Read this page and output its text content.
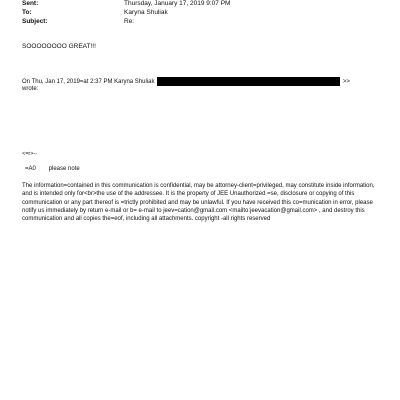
Sent:	Thursday, January 17, 2019 9:07 PM
To:	Karyna Shuliak
Subject:	Re:
SOOOOOOOO GREAT!!!
On Thu, Jan 17, 2019=at 2:37 PM Karyna Shuliak	>>
wrote:
<=r>--
=A0 please note

The information=contained in this communication is confidential, may be attorney-client=privileged, may constitute inside information, and is intended only for<br>the use of the addressee. It is the property of JEE Unauthorized =se, disclosure or copying of this communication or any part thereof is =trictly prohibited and may be unlawful. If you have received this co=munication in error, please notify us immediately by return e-mail or b= e-mail to jeev=cation@gmail.com <mailto:jeevacation@gmail.com> , and destroy this communication and all copies the=eof, including all attachments. copyright -all rights reserved
